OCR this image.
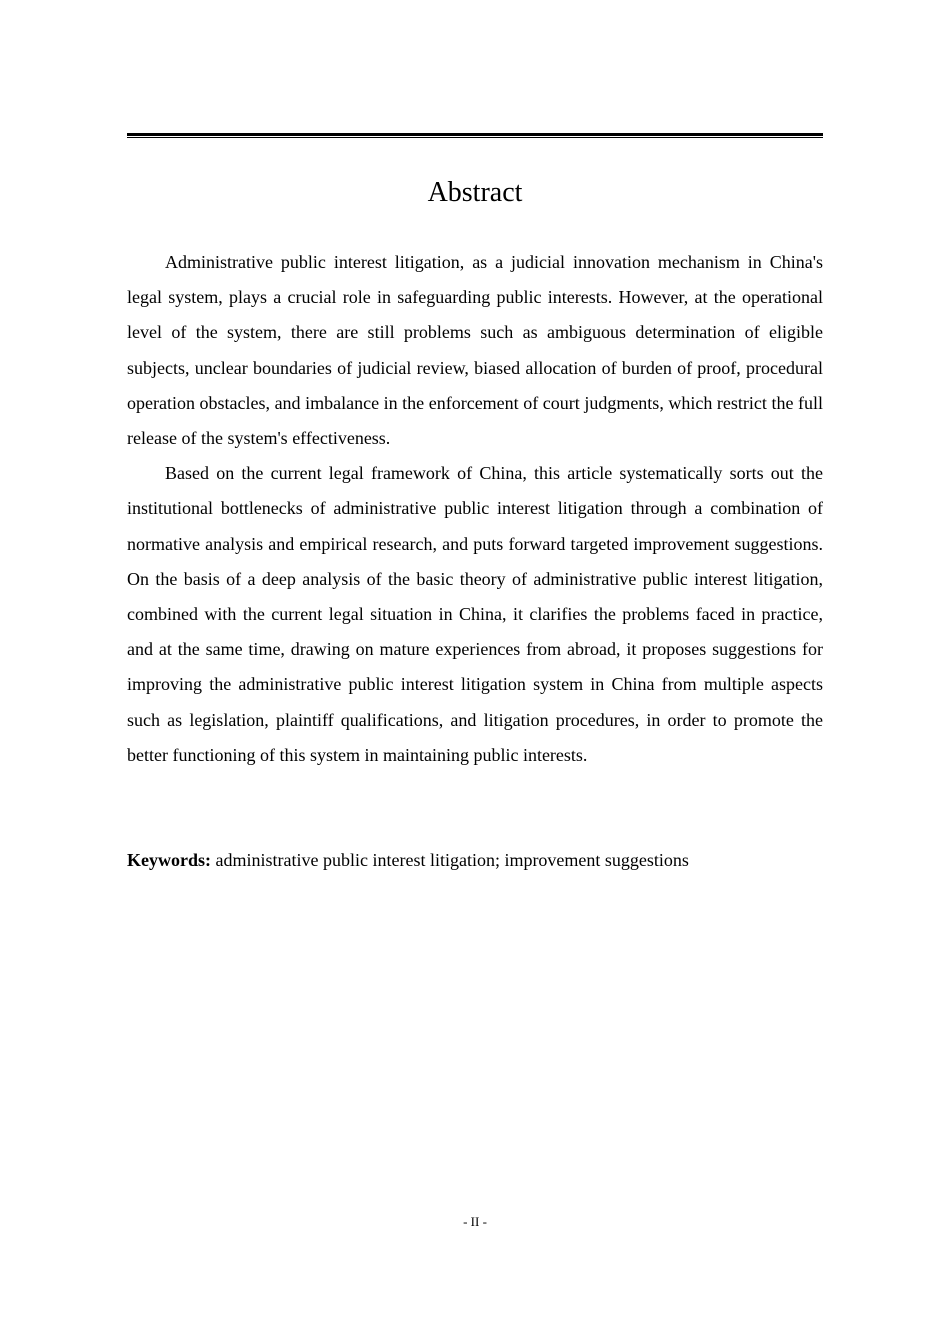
Abstract

Administrative public interest litigation, as a judicial innovation mechanism in China's legal system, plays a crucial role in safeguarding public interests. However, at the operational level of the system, there are still problems such as ambiguous determination of eligible subjects, unclear boundaries of judicial review, biased allocation of burden of proof, procedural operation obstacles, and imbalance in the enforcement of court judgments, which restrict the full release of the system's effectiveness.

Based on the current legal framework of China, this article systematically sorts out the institutional bottlenecks of administrative public interest litigation through a combination of normative analysis and empirical research, and puts forward targeted improvement suggestions. On the basis of a deep analysis of the basic theory of administrative public interest litigation, combined with the current legal situation in China, it clarifies the problems faced in practice, and at the same time, drawing on mature experiences from abroad, it proposes suggestions for improving the administrative public interest litigation system in China from multiple aspects such as legislation, plaintiff qualifications, and litigation procedures, in order to promote the better functioning of this system in maintaining public interests.

Keywords: administrative public interest litigation; improvement suggestions

- II -
